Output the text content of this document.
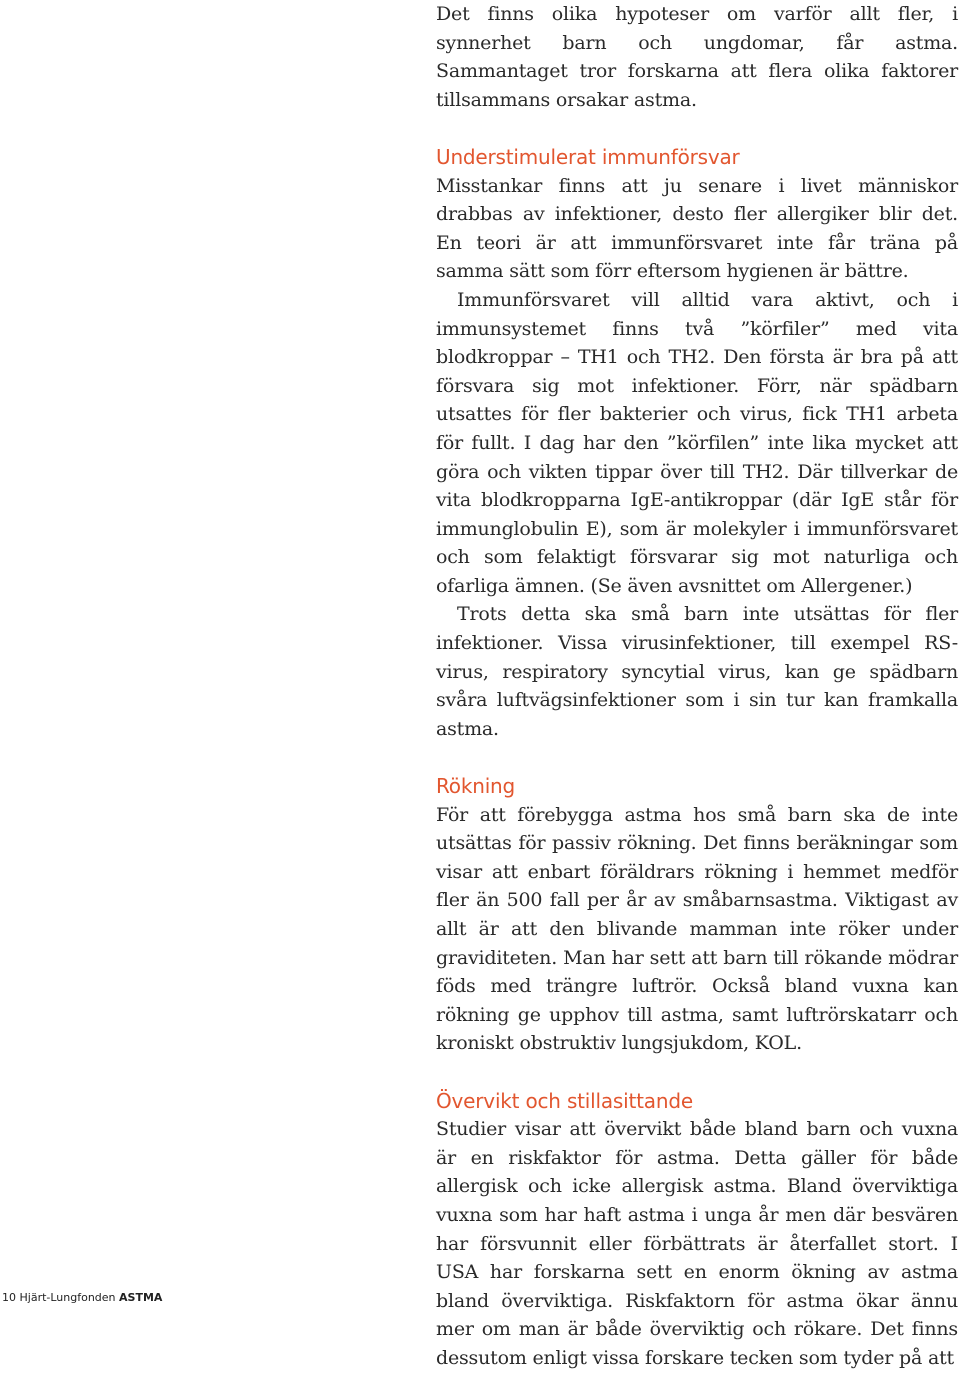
Det finns olika hypoteser om varför allt fler, i synnerhet barn och ungdomar, får astma. Sammantaget tror forskarna att flera olika faktorer tillsammans orsakar astma.

Understimulerat immunförsvar

Misstankar finns att ju senare i livet människor drabbas av infektioner, desto fler allergiker blir det. En teori är att immunförsvaret inte får träna på samma sätt som förr eftersom hygienen är bättre.

Immunförsvaret vill alltid vara aktivt, och i immunsystemet finns två ”körfiler” med vita blodkroppar – TH1 och TH2. Den första är bra på att försvara sig mot infektioner. Förr, när spädbarn utsattes för fler bakterier och virus, fick TH1 arbeta för fullt. I dag har den ”körfilen” inte lika mycket att göra och vikten tippar över till TH2. Där tillverkar de vita blodkropparna IgE-antikroppar (där IgE står för immunglobulin E), som är molekyler i immunförsvaret och som felaktigt försvarar sig mot naturliga och ofarliga ämnen. (Se även avsnittet om Allergener.)

Trots detta ska små barn inte utsättas för fler infektioner. Vissa virusinfektioner, till exempel RS-virus, respiratory syncytial virus, kan ge spädbarn svåra luftvägsinfektioner som i sin tur kan framkalla astma.

Rökning

För att förebygga astma hos små barn ska de inte utsättas för passiv rökning. Det finns beräkningar som visar att enbart föräldrars rökning i hemmet medför fler än 500 fall per år av småbarnsastma. Viktigast av allt är att den blivande mamman inte röker under graviditeten. Man har sett att barn till rökande mödrar föds med trängre luftrör. Också bland vuxna kan rökning ge upphov till astma, samt luftrörskatarr och kroniskt obstruktiv lungsjukdom, KOL.

Övervikt och stillasittande

Studier visar att övervikt både bland barn och vuxna är en riskfaktor för astma. Detta gäller för både allergisk och icke allergisk astma. Bland överviktiga vuxna som har haft astma i unga år men där besvären har försvunnit eller förbättrats är återfallet stort. I USA har forskarna sett en enorm ökning av astma bland överviktiga. Riskfaktorn för astma ökar ännu mer om man är både överviktig och rökare. Det finns dessutom enligt vissa forskare tecken som tyder på att

10 Hjärt-Lungfonden ASTMA
